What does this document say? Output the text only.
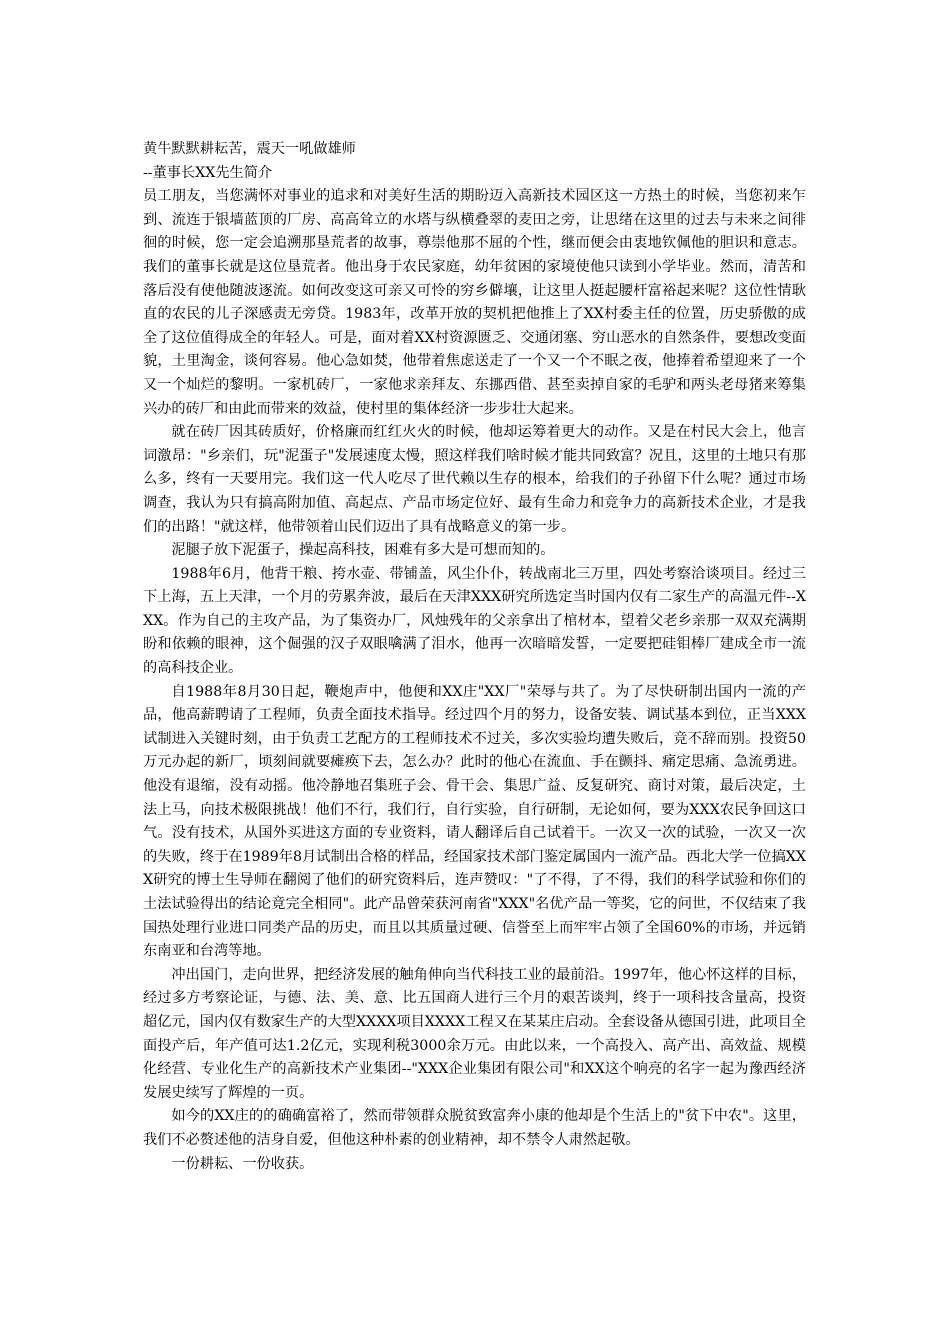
黄牛默默耕耘苦，震天一吼做雄师

--董事长XX先生简介

员工朋友，当您满怀对事业的追求和对美好生活的期盼迈入高新技术园区这一方热土的时候，当您初来乍到、流连于银墙蓝顶的厂房、高高耸立的水塔与纵横叠翠的麦田之旁，让思绪在这里的过去与未来之间徘徊的时候，您一定会追溯那垦荒者的故事，尊崇他那不屈的个性，继而便会由衷地钦佩他的胆识和意志。我们的董事长就是这位垦荒者。他出身于农民家庭，幼年贫困的家境使他只读到小学毕业。然而，清苦和落后没有使他随波逐流。如何改变这可亲又可怜的穷乡僻壤，让这里人挺起腰杆富裕起来呢？这位性情耿直的农民的儿子深感责无旁贷。1983年，改革开放的契机把他推上了XX村委主任的位置，历史骄傲的成全了这位值得成全的年轻人。可是，面对着XX村资源匮乏、交通闭塞、穷山恶水的自然条件，要想改变面貌，土里淘金，谈何容易。他心急如焚，他带着焦虑送走了一个又一个不眠之夜，他捧着希望迎来了一个又一个灿烂的黎明。一家机砖厂，一家他求亲拜友、东挪西借、甚至卖掉自家的毛驴和两头老母猪来筹集兴办的砖厂和由此而带来的效益，使村里的集体经济一步步壮大起来。

就在砖厂因其砖质好，价格廉而红红火火的时候，他却运筹着更大的动作。又是在村民大会上，他言词激昂："乡亲们，玩"泥蛋子"发展速度太慢，照这样我们啥时候才能共同致富？况且，这里的土地只有那么多，终有一天要用完。我们这一代人吃尽了世代赖以生存的根本，给我们的子孙留下什么呢？通过市场调查，我认为只有搞高附加值、高起点、产品市场定位好、最有生命力和竞争力的高新技术企业，才是我们的出路！"就这样，他带领着山民们迈出了具有战略意义的第一步。

泥腿子放下泥蛋子，操起高科技，困难有多大是可想而知的。

1988年6月，他背干粮、挎水壶、带铺盖，风尘仆仆，转战南北三万里，四处考察洽谈项目。经过三下上海，五上天津，一个月的劳累奔波，最后在天津XXX研究所选定当时国内仅有二家生产的高温元件--XXX。作为自己的主攻产品，为了集资办厂，风烛残年的父亲拿出了棺材本，望着父老乡亲那一双双充满期盼和依赖的眼神，这个倔强的汉子双眼噙满了泪水，他再一次暗暗发誓，一定要把硅钼棒厂建成全市一流的高科技企业。

自1988年8月30日起，鞭炮声中，他便和XX庄"XX厂"荣辱与共了。为了尽快研制出国内一流的产品，他高薪聘请了工程师，负责全面技术指导。经过四个月的努力，设备安装、调试基本到位，正当XXX试制进入关键时刻，由于负责工艺配方的工程师技术不过关，多次实验均遭失败后，竞不辞而别。投资50万元办起的新厂，顷刻间就要瘫痪下去，怎么办？此时的他心在流血、手在颤抖、痛定思痛、急流勇进。他没有退缩，没有动摇。他冷静地召集班子会、骨干会、集思广益、反复研究、商讨对策，最后决定，土法上马，向技术极限挑战！他们不行，我们行，自行实验，自行研制，无论如何，要为XXX农民争回这口气。没有技术，从国外买进这方面的专业资料，请人翻译后自己试着干。一次又一次的试验，一次又一次的失败，终于在1989年8月试制出合格的样品，经国家技术部门鉴定属国内一流产品。西北大学一位搞XXX研究的博士生导师在翻阅了他们的研究资料后，连声赞叹："了不得，了不得，我们的科学试验和你们的土法试验得出的结论竟完全相同"。此产品曾荣获河南省"XXX"名优产品一等奖，它的问世，不仅结束了我国热处理行业进口同类产品的历史，而且以其质量过硬、信誉至上而牢牢占领了全国60%的市场，并远销东南亚和台湾等地。

冲出国门，走向世界，把经济发展的触角伸向当代科技工业的最前沿。1997年，他心怀这样的目标，经过多方考察论证，与德、法、美、意、比五国商人进行三个月的艰苦谈判，终于一项科技含量高，投资超亿元，国内仅有数家生产的大型XXXX项目XXXX工程又在某某庄启动。全套设备从德国引进，此项目全面投产后，年产值可达1.2亿元，实现利税3000余万元。由此以来，一个高投入、高产出、高效益、规模化经营、专业化生产的高新技术产业集团--"XXX企业集团有限公司"和XX这个响亮的名字一起为豫西经济发展史续写了辉煌的一页。

如今的XX庄的的确确富裕了，然而带领群众脱贫致富奔小康的他却是个生活上的"贫下中农"。这里，我们不必赘述他的洁身自爱，但他这种朴素的创业精神，却不禁令人肃然起敬。

一份耕耘、一份收获。
